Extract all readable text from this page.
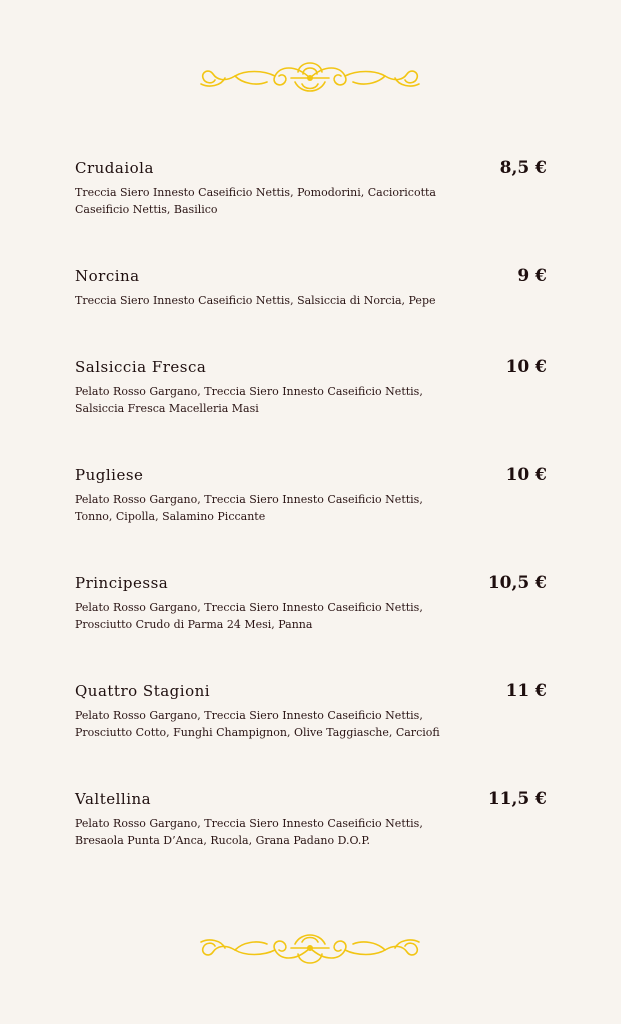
Crudaiola	8,5 €
Treccia Siero Innesto Caseificio Nettis, Pomodorini, Cacioricotta Caseificio Nettis, Basilico
Norcina	9 €
Treccia Siero Innesto Caseificio Nettis, Salsiccia di Norcia, Pepe
Salsiccia Fresca	10 €
Pelato Rosso Gargano, Treccia Siero Innesto Caseificio Nettis, Salsiccia Fresca Macelleria Masi
Pugliese	10 €
Pelato Rosso Gargano, Treccia Siero Innesto Caseificio Nettis, Tonno, Cipolla, Salamino Piccante
Principessa	10,5 €
Pelato Rosso Gargano, Treccia Siero Innesto Caseificio Nettis, Prosciutto Crudo di Parma 24 Mesi, Panna
Quattro Stagioni	11 €
Pelato Rosso Gargano, Treccia Siero Innesto Caseificio Nettis, Prosciutto Cotto, Funghi Champignon, Olive Taggiasche, Carciofi
Valtellina	11,5 €
Pelato Rosso Gargano, Treccia Siero Innesto Caseificio Nettis, Bresaola Punta D’Anca, Rucola, Grana Padano D.O.P.
